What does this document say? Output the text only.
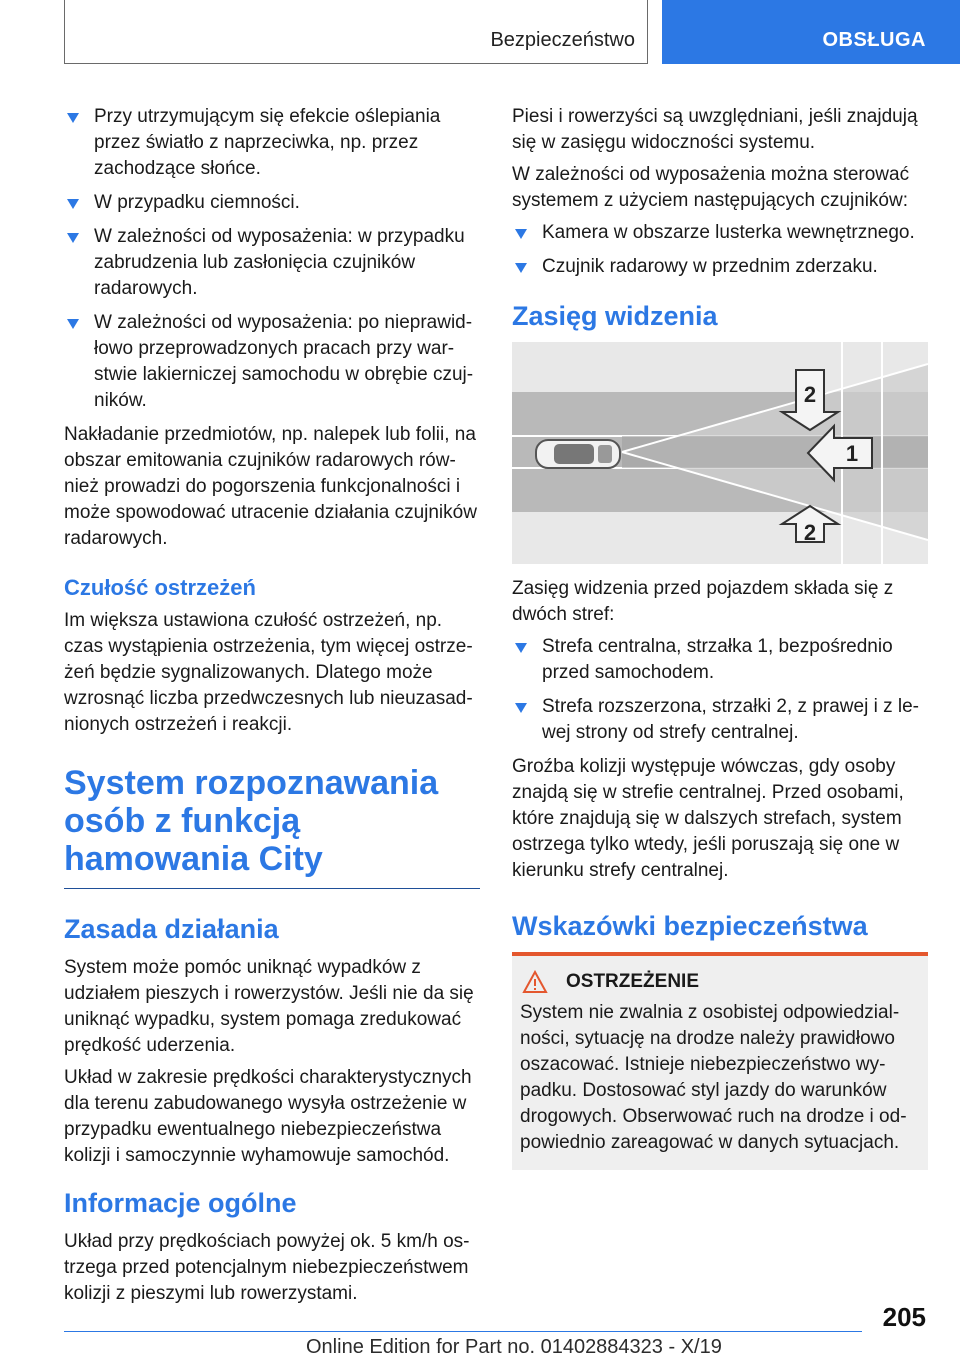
Bezpieczeństwo	OBSŁUGA
Przy utrzymującym się efekcie oślepiania przez światło z naprzeciwka, np. przez zachodzące słońce.
W przypadku ciemności.
W zależności od wyposażenia: w przypadku zabrudzenia lub zasłonięcia czujników radarowych.
W zależności od wyposażenia: po nieprawidłowo przeprowadzonych pracach przy warstwie lakierniczej samochodu w obrębie czujników.

Nakładanie przedmiotów, np. nalepek lub folii, na obszar emitowania czujników radarowych również prowadzi do pogorszenia funkcjonalności i może spowodować utracenie działania czujników radarowych.

Czułość ostrzeżeń

Im większa ustawiona czułość ostrzeżeń, np. czas wystąpienia ostrzeżenia, tym więcej ostrzeżeń będzie sygnalizowanych. Dlatego może wzrosnąć liczba przedwczesnych lub nieuzasadnionych ostrzeżeń i reakcji.

System rozpoznawania osób z funkcją hamowania City
Zasada działania

System może pomóc uniknąć wypadków z udziałem pieszych i rowerzystów. Jeśli nie da się uniknąć wypadku, system pomaga zredukować prędkość uderzenia.

Układ w zakresie prędkości charakterystycznych dla terenu zabudowanego wysyła ostrzeżenie w przypadku ewentualnego niebezpieczeństwa kolizji i samoczynnie wyhamowuje samochód.

Informacje ogólne

Układ przy prędkościach powyżej ok. 5 km/h ostrzega przed potencjalnym niebezpieczeństwem kolizji z pieszymi lub rowerzystami.

Piesi i rowerzyści są uwzględniani, jeśli znajdują się w zasięgu widoczności systemu.

W zależności od wyposażenia można sterować systemem z użyciem następujących czujników:

Kamera w obszarze lusterka wewnętrznego.
Czujnik radarowy w przednim zderzaku.
Zasięg widzenia
2
1
2

Zasięg widzenia przed pojazdem składa się z dwóch stref:

Strefa centralna, strzałka 1, bezpośrednio przed samochodem.
Strefa rozszerzona, strzałki 2, z prawej i z lewej strony od strefy centralnej.

Groźba kolizji występuje wówczas, gdy osoby znajdą się w strefie centralnej. Przed osobami, które znajdują się w dalszych strefach, system ostrzega tylko wtedy, jeśli poruszają się one w kierunku strefy centralnej.

Wskazówki bezpieczeństwa
OSTRZEŻENIE

System nie zwalnia z osobistej odpowiedzialności, sytuację na drodze należy prawidłowo oszacować. Istnieje niebezpieczeństwo wypadku. Dostosować styl jazdy do warunków drogowych. Obserwować ruch na drodze i odpowiednio zareagować w danych sytuacjach.

205
Online Edition for Part no. 01402884323 - X/19
